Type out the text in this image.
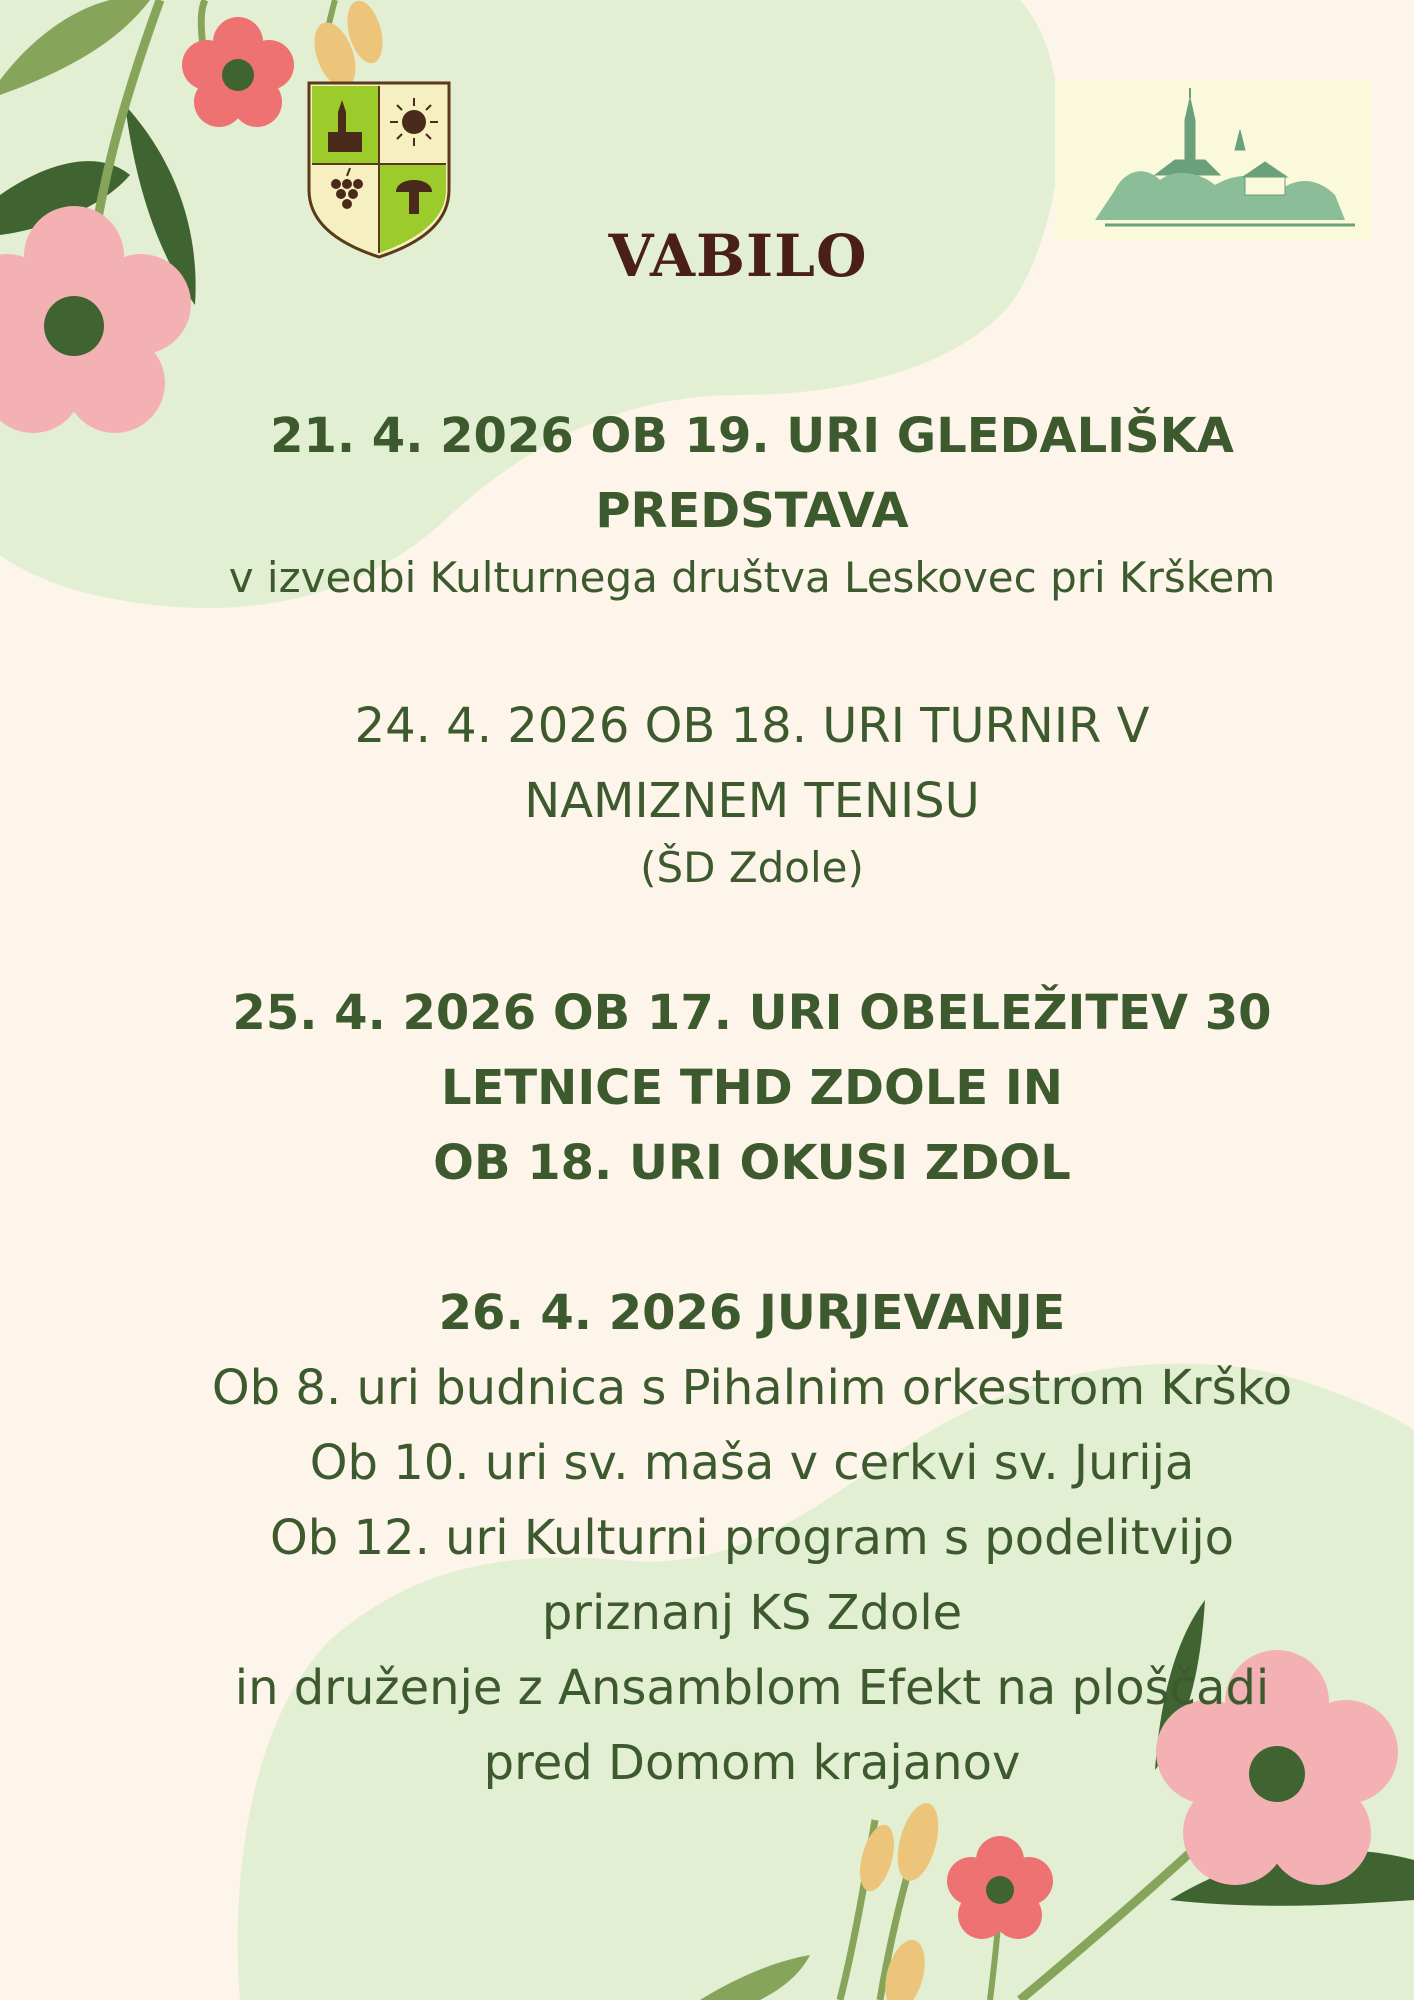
VABILO
21. 4. 2026 OB 19. URI GLEDALIŠKA
PREDSTAVA
v izvedbi Kulturnega društva Leskovec pri Krškem
24. 4. 2026 OB 18. URI TURNIR V
NAMIZNEM TENISU
(ŠD Zdole)
25. 4. 2026 OB 17. URI OBELEŽITEV 30
LETNICE THD ZDOLE IN
OB 18. URI OKUSI ZDOL
26. 4. 2026 JURJEVANJE
Ob 8. uri budnica s Pihalnim orkestrom Krško
Ob 10. uri sv. maša v cerkvi sv. Jurija
Ob 12. uri Kulturni program s podelitvijo
priznanj KS Zdole
in druženje z Ansamblom Efekt na ploščadi
pred Domom krajanov
